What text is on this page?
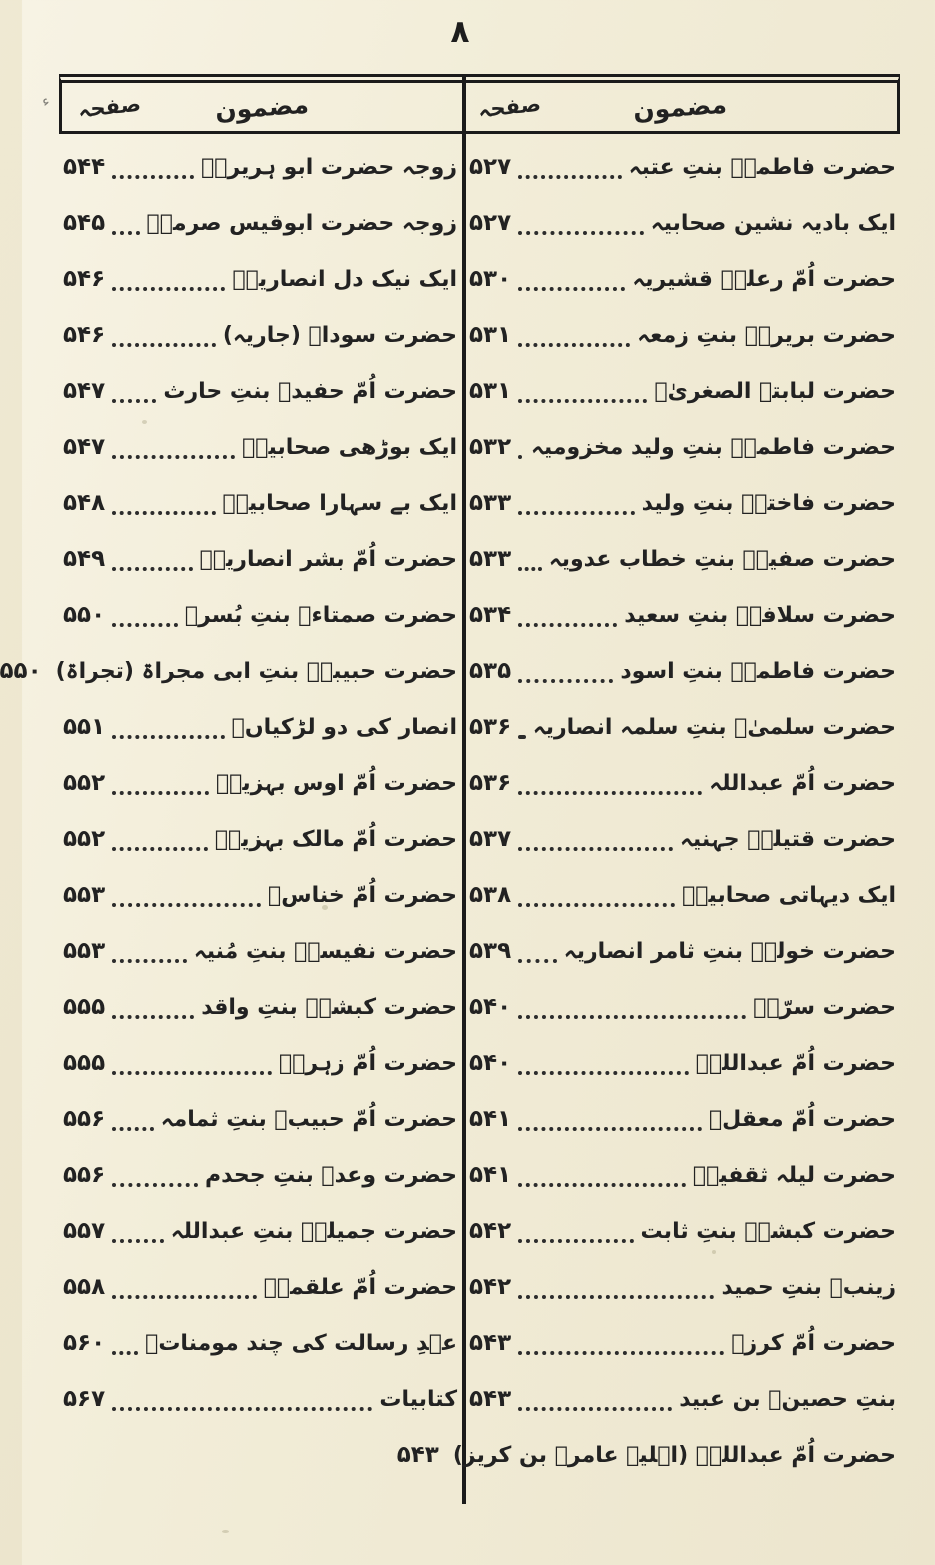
۸
ء	مضمون
صفحہ
مضمون
صفحہ
حضرت فاطمہؓ بنتِ عتبہ
۵۲۷
ایک بادیہ نشین صحابیہ
۵۲۷
حضرت اُمّ رعلہؓ قشیریہ
۵۳۰
حضرت بریرہؓ بنتِ زمعہ
۵۳۱
حضرت لبابتہ الصغریٰؓ
۵۳۱
حضرت فاطمہؓ بنتِ ولید مخزومیہ
۵۳۲
حضرت فاختہؓ بنتِ ولید
۵۳۳
حضرت صفیہؓ بنتِ خطاب عدویہ
۵۳۳
حضرت سلافہؓ بنتِ سعید
۵۳۴
حضرت فاطمہؓ بنتِ اسود
۵۳۵
حضرت سلمیٰؓ بنتِ سلمہ انصاریہ
۵۳۶
حضرت اُمّ عبداللہ
۵۳۶
حضرت قتیلہؓ جہنیہ
۵۳۷
ایک دیہاتی صحابیہؓ
۵۳۸
حضرت خولہؓ بنتِ ثامر انصاریہ
۵۳۹
حضرت سرّہؓ
۵۴۰
حضرت اُمّ عبداللہؓ
۵۴۰
حضرت اُمّ معقلؓ
۵۴۱
حضرت لیلہ ثقفیہؓ
۵۴۱
حضرت کبشہؓ بنتِ ثابت
۵۴۲
زینبؓ بنتِ حمید
۵۴۲
حضرت اُمّ کرزؓ
۵۴۳
بنتِ حصینؓ بن عبید
۵۴۳
حضرت اُمّ عبداللہؓ (اہلیہ عامرؓ بن کریز)
۵۴۳
زوجہ حضرت ابو ہریرہؓ
۵۴۴
زوجہ حضرت ابوقیس صرمہؓ
۵۴۵
ایک نیک دل انصاریہؓ
۵۴۶
حضرت سوداؓ (جاریہ)
۵۴۶
حضرت اُمّ حفیدؓ بنتِ حارث
۵۴۷
ایک بوڑھی صحابیہؓ
۵۴۷
ایک بے سہارا صحابیہؓ
۵۴۸
حضرت اُمّ بشر انصاریہؓ
۵۴۹
حضرت صمتاءؓ بنتِ بُسرؓ
۵۵۰
حضرت حبیبہؓ بنتِ ابی مجراۃ (تجراۃ)
۵۵۰
انصار کی دو لڑکیاںؓ
۵۵۱
حضرت اُمّ اوس بہزیہؓ
۵۵۲
حضرت اُمّ مالک بہزیہؓ
۵۵۲
حضرت اُمّ خناسؓ
۵۵۳
حضرت نفیسہؓ بنتِ مُنیہ
۵۵۳
حضرت کبشہؓ بنتِ واقد
۵۵۵
حضرت اُمّ زہرہؓ
۵۵۵
حضرت اُمّ حبیبؓ بنتِ ثمامہ
۵۵۶
حضرت وعدؓ بنتِ جحدم
۵۵۶
حضرت جمیلہؓ بنتِ عبداللہ
۵۵۷
حضرت اُمّ علقمہؓ
۵۵۸
عہدِ رسالت کی چند مومناتؓ
۵۶۰
کتابیات
۵۶۷
